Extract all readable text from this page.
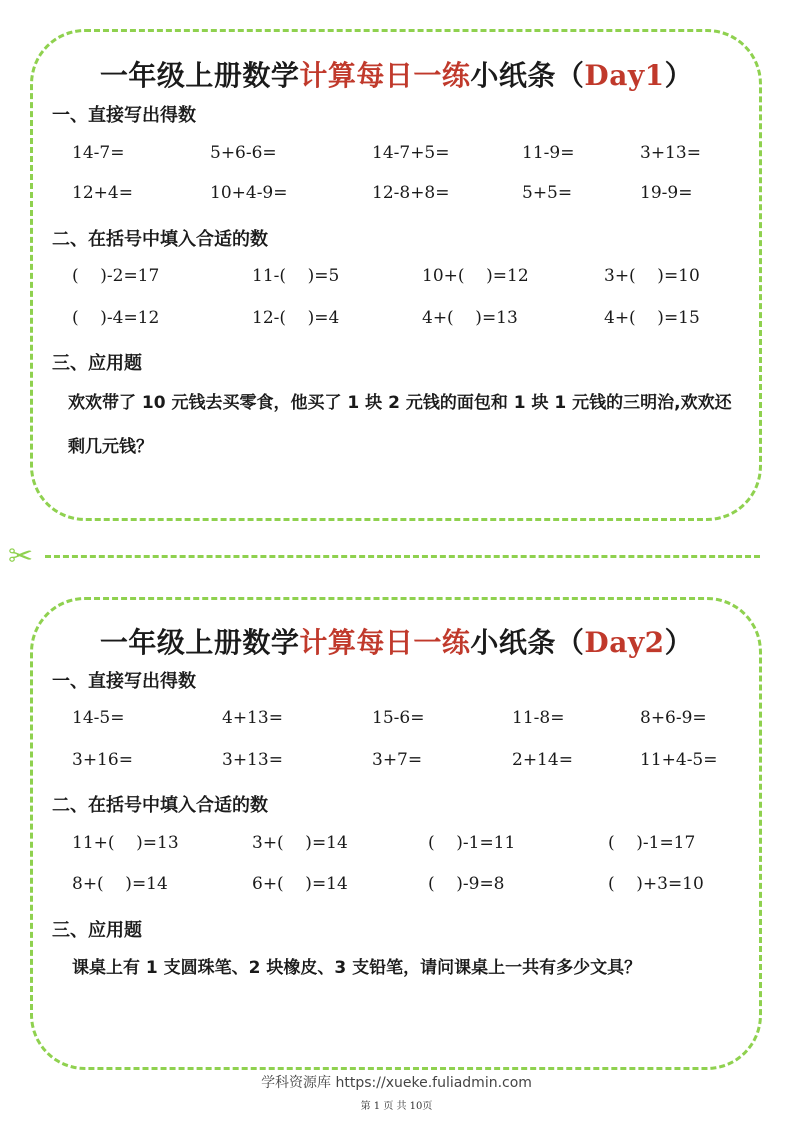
一年级上册数学计算每日一练小纸条（Day1）
一、直接写出得数
14-7=	5+6-6=	14-7+5=	11-9=	3+13=
12+4=	10+4-9=	12-8+8=	5+5=	19-9=
二、在括号中填入合适的数
(    )-2=17	11-(    )=5	10+(    )=12	3+(    )=10
(    )-4=12	12-(    )=4	4+(    )=13	4+(    )=15
三、应用题
欢欢带了 10 元钱去买零食，他买了 1 块 2 元钱的面包和 1 块 1 元钱的三明治,欢欢还剩几元钱？
✂
一年级上册数学计算每日一练小纸条（Day2）
一、直接写出得数
14-5=	4+13=	15-6=	11-8=	8+6-9=
3+16=	3+13=	3+7=	2+14=	11+4-5=
二、在括号中填入合适的数
11+(    )=13	3+(    )=14	(    )-1=11	(    )-1=17
8+(    )=14	6+(    )=14	(    )-9=8	(    )+3=10
三、应用题
课桌上有 1 支圆珠笔、2 块橡皮、3 支铅笔，请问课桌上一共有多少文具？
学科资源库 https://xueke.fuliadmin.com
第 1 页 共 10页
